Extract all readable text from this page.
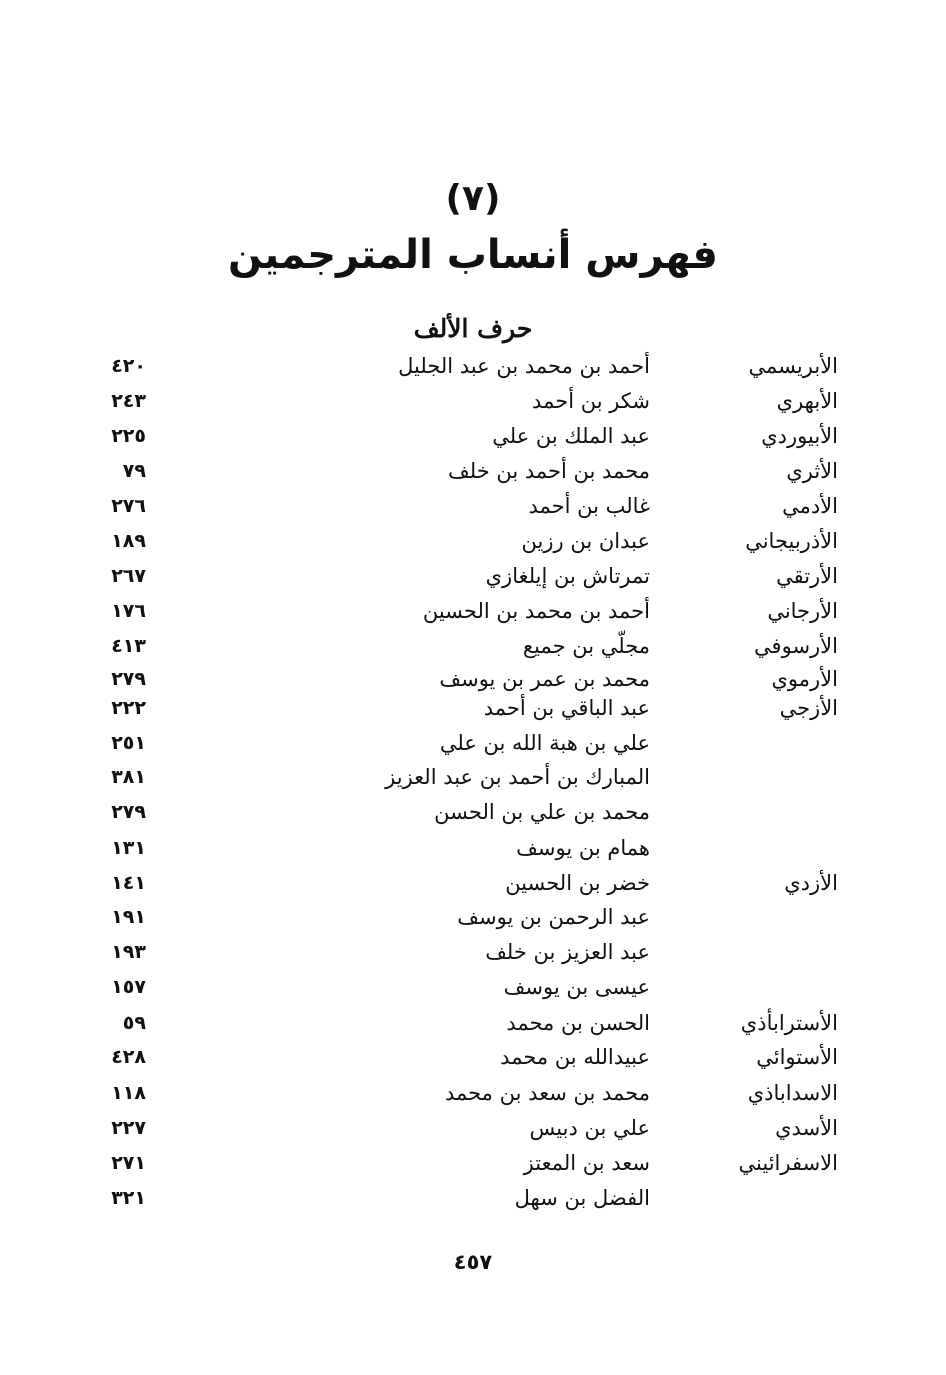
(٧)
فهرس أنساب المترجمين
حرف الألف
الأبريسمي
أحمد بن محمد بن عبد الجليل
٤٢٠
الأبهري
شكر بن أحمد
٢٤٣
الأبيوردي
عبد الملك بن علي
٢٢٥
الأثري
محمد بن أحمد بن خلف
٧٩
الأدمي
غالب بن أحمد
٢٧٦
الأذربيجاني
عبدان بن رزين
١٨٩
الأرتقي
تمرتاش بن إيلغازي
٢٦٧
الأرجاني
أحمد بن محمد بن الحسين
١٧٦
الأرسوفي
مجلّي بن جميع
٤١٣
الأرموي
محمد بن عمر بن يوسف
٢٧٩
الأزجي
عبد الباقي بن أحمد
٢٢٢
علي بن هبة الله بن علي
٢٥١
المبارك بن أحمد بن عبد العزيز
٣٨١
محمد بن علي بن الحسن
٢٧٩
همام بن يوسف
١٣١
الأزدي
خضر بن الحسين
١٤١
عبد الرحمن بن يوسف
١٩١
عبد العزيز بن خلف
١٩٣
عيسى بن يوسف
١٥٧
الأسترابأذي
الحسن بن محمد
٥٩
الأستوائي
عبيدالله بن محمد
٤٢٨
الاسداباذي
محمد بن سعد بن محمد
١١٨
الأسدي
علي بن دبيس
٢٢٧
الاسفرائيني
سعد بن المعتز
٢٧١
الفضل بن سهل
٣٢١
٤٥٧
